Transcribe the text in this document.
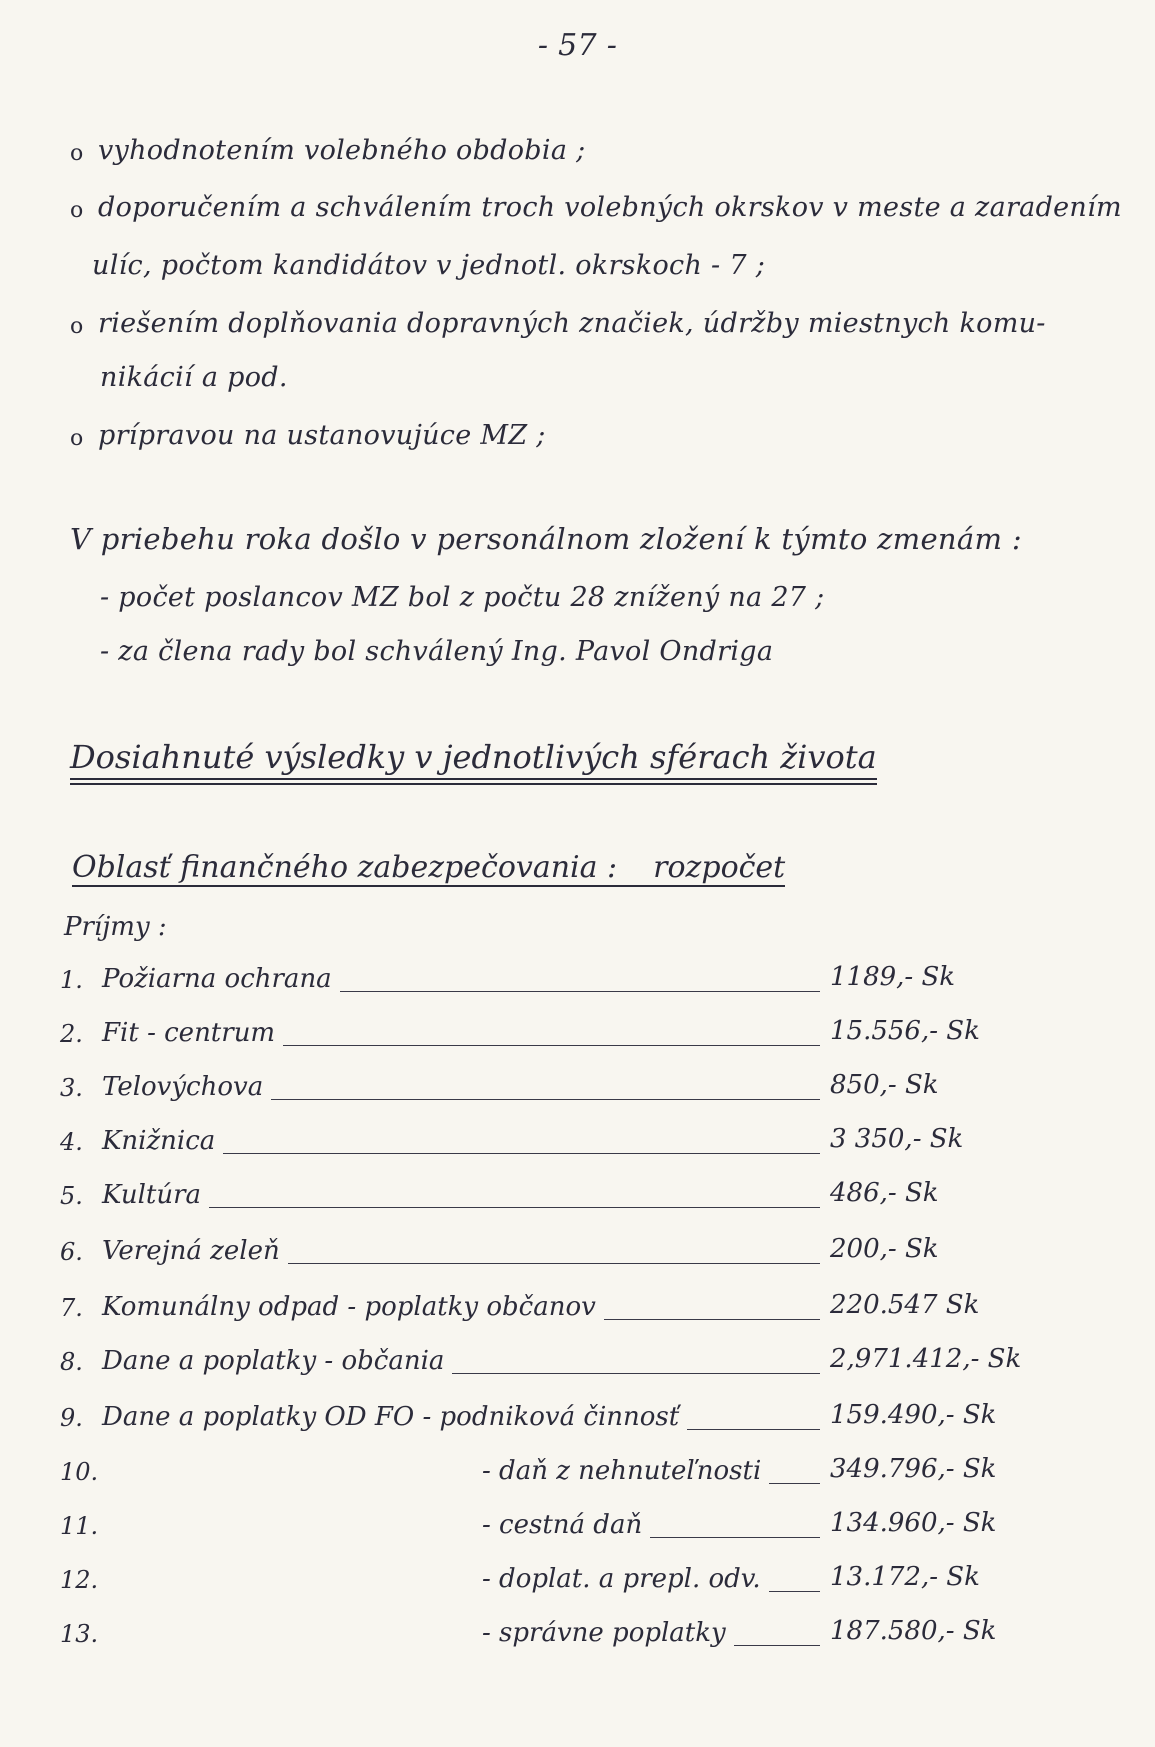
- 57 -
o vyhodnotením volebného obdobia ;
o doporučením a schválením troch volebných okrskov v meste a zaradením
ulíc, počtom kandidátov v jednotl. okrskoch - 7 ;
o riešením doplňovania dopravných značiek, údržby miestnych komu-
nikácií a pod.
o prípravou na ustanovujúce MZ ;
V priebehu roka došlo v personálnom zložení k týmto zmenám :
- počet poslancov MZ bol z počtu 28 znížený na 27 ;
- za člena rady bol schválený Ing. Pavol Ondriga
Dosiahnuté výsledky v jednotlivých sférach života
Oblasť finančného zabezpečovania : rozpočet
Príjmy :
1. Požiarna ochrana	1189,- Sk
2. Fit - centrum	15.556,- Sk
3. Telovýchova	850,- Sk
4. Knižnica	3 350,- Sk
5. Kultúra	486,- Sk
6. Verejná zeleň	200,- Sk
7. Komunálny odpad - poplatky občanov	220.547 Sk
8. Dane a poplatky - občania	2,971.412,- Sk
9. Dane a poplatky OD FO - podniková činnosť	159.490,- Sk
10.	- daň z nehnuteľnosti	349.796,- Sk
11.	- cestná daň	134.960,- Sk
12.	- doplat. a prepl. odv.	13.172,- Sk
13.	- správne poplatky	187.580,- Sk
